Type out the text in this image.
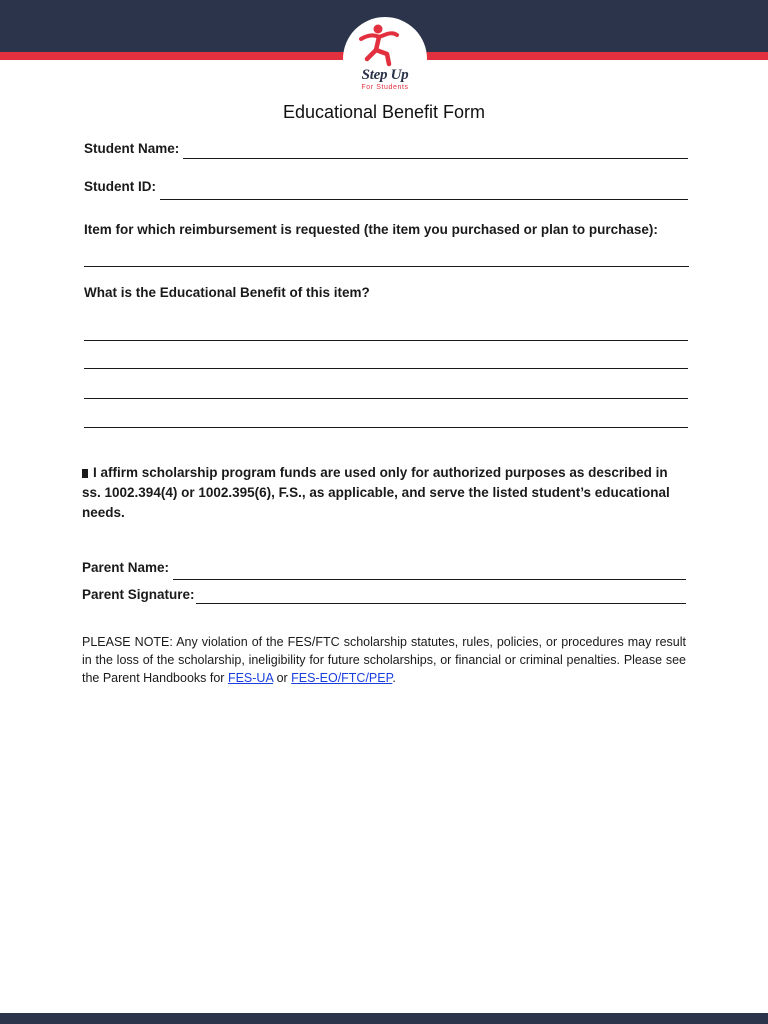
Step Up
For Students
Educational Benefit Form
Student Name:
Student ID:
Item for which reimbursement is requested (the item you purchased or plan to purchase):
What is the Educational Benefit of this item?
I affirm scholarship program funds are used only for authorized purposes as described in ss. 1002.394(4) or 1002.395(6), F.S., as applicable, and serve the listed student’s educational needs.
Parent Name:
Parent Signature:
PLEASE NOTE: Any violation of the FES/FTC scholarship statutes, rules, policies, or procedures may result in the loss of the scholarship, ineligibility for future scholarships, or financial or criminal penalties. Please see the Parent Handbooks for FES-UA or FES-EO/FTC/PEP.
